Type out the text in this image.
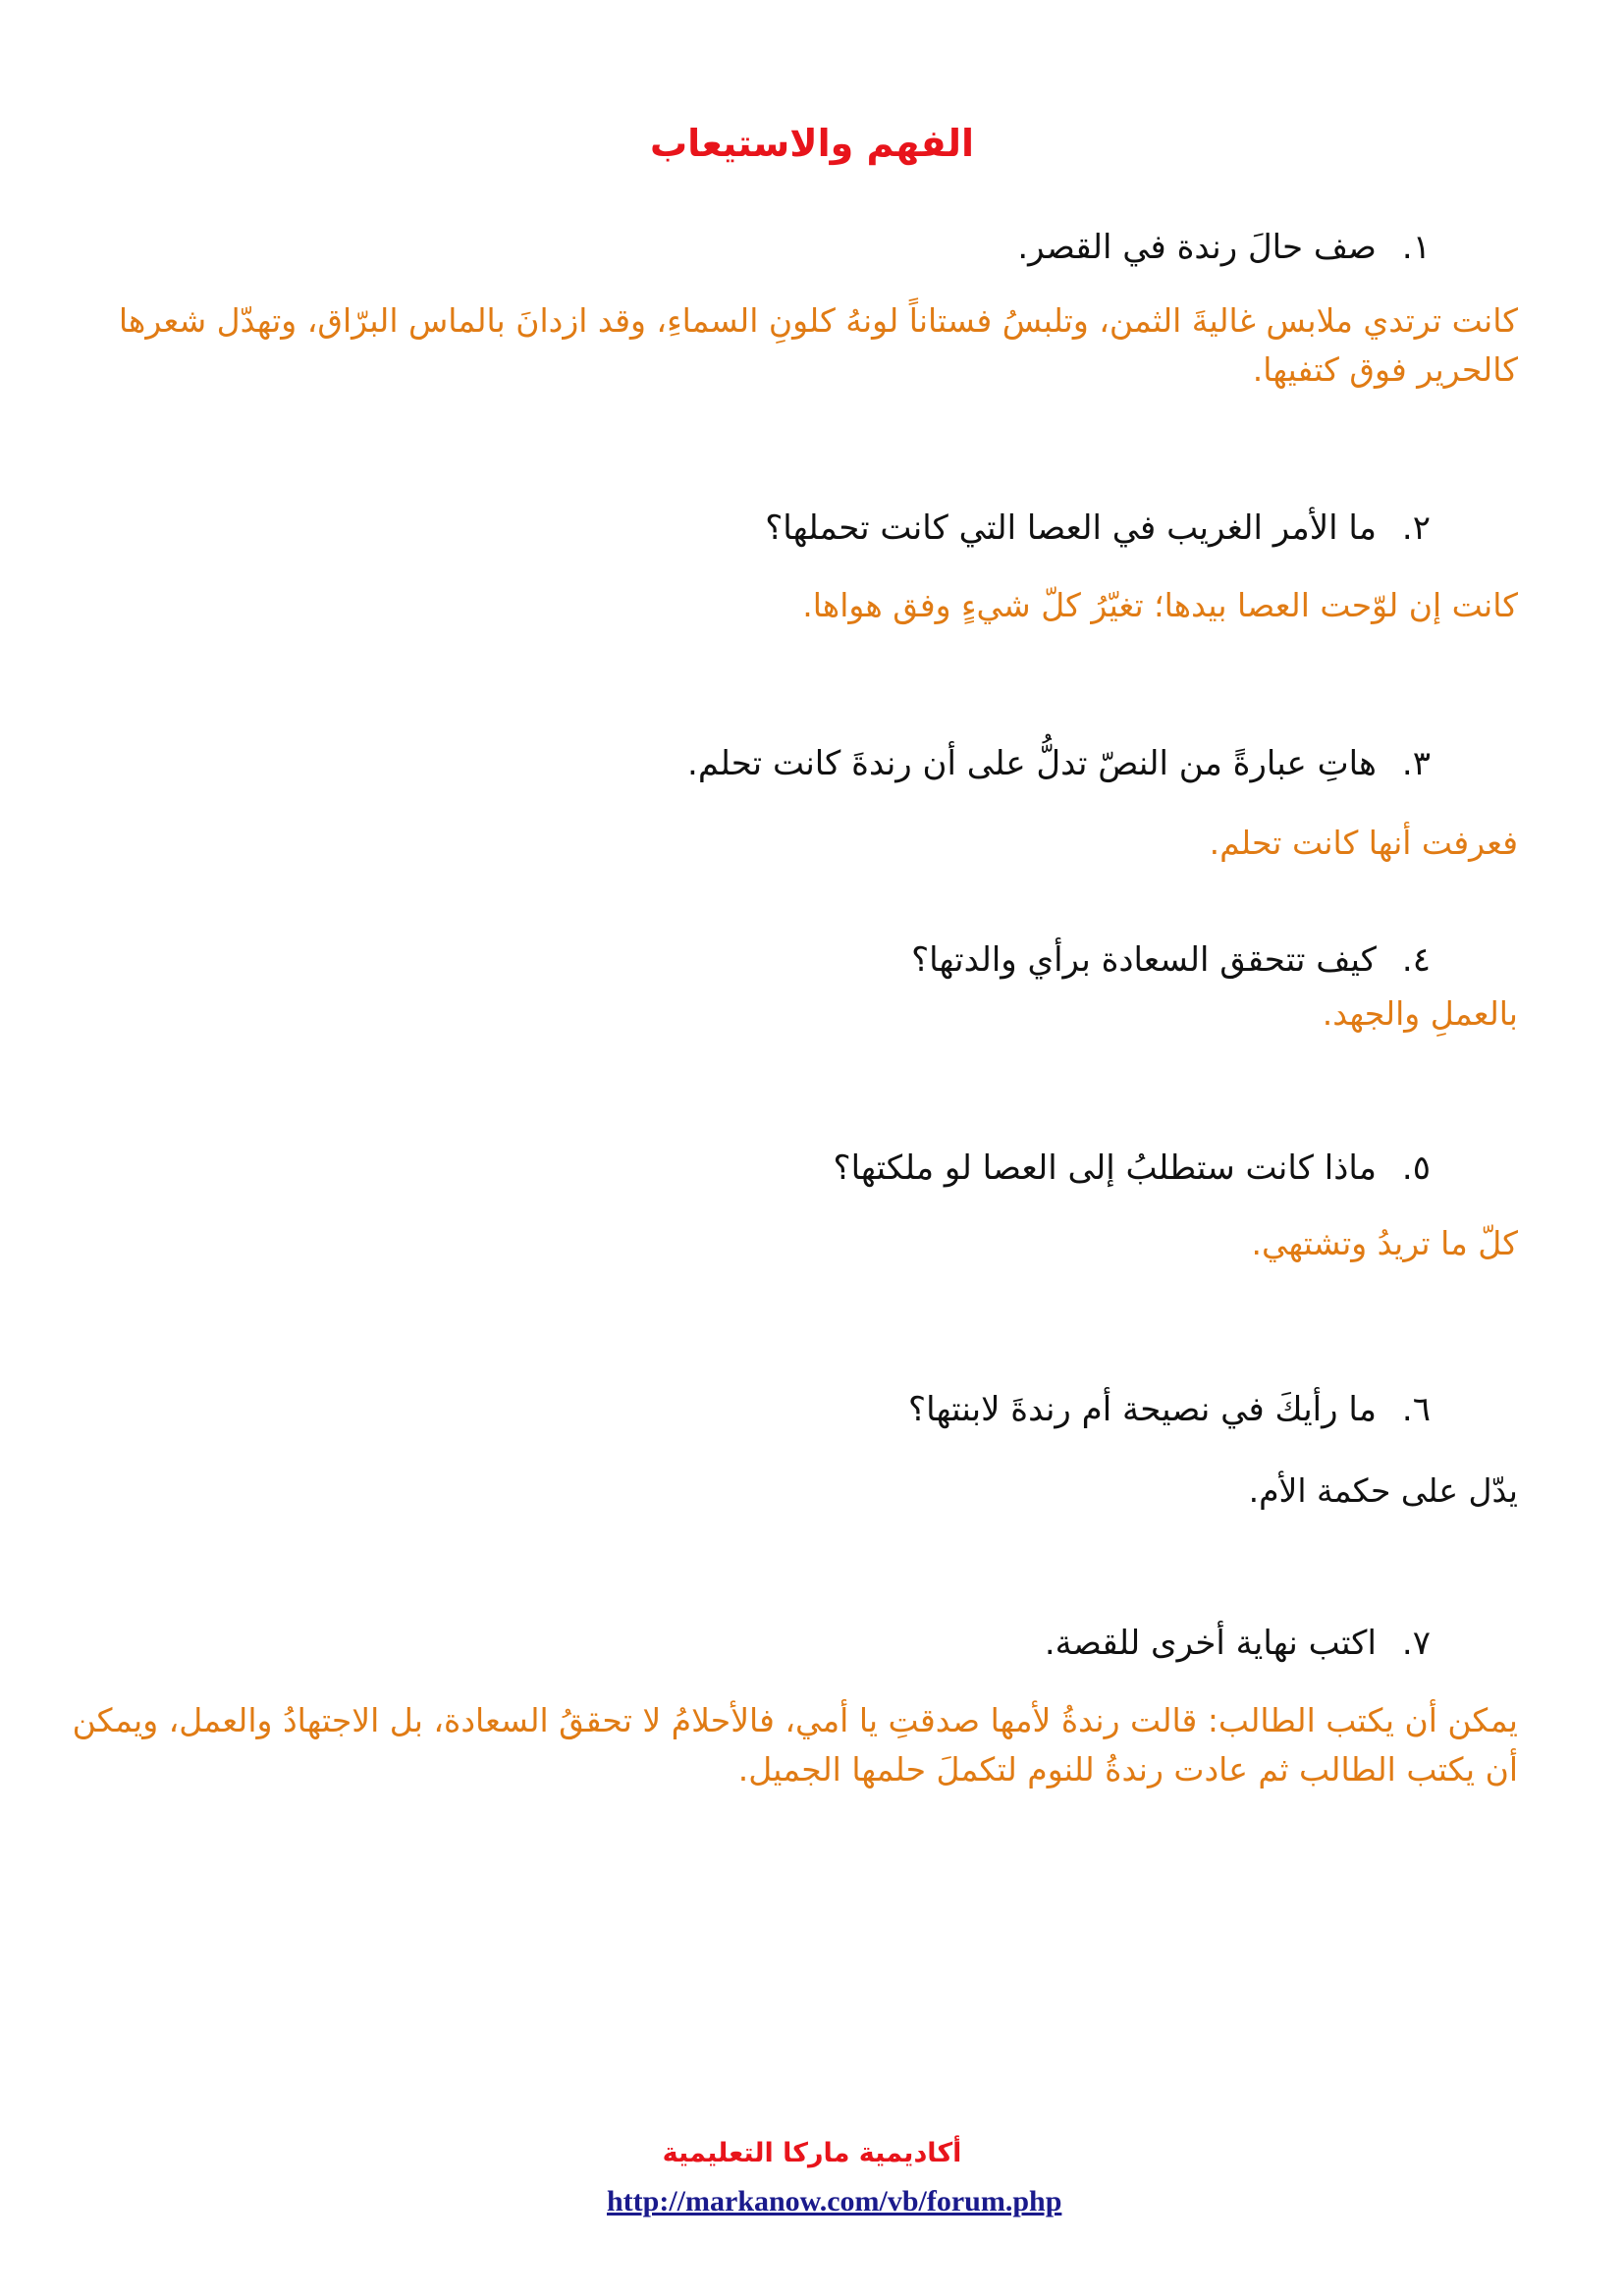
الفهم والاستيعاب

١.صف حالَ رندة في القصر.

كانت ترتدي ملابس غاليةَ الثمن، وتلبسُ فستاناً لونهُ كلونِ السماءِ، وقد ازدانَ بالماس البرّاق، وتهدّل شعرها كالحرير فوق كتفيها.

٢.ما الأمر الغريب في العصا التي كانت تحملها؟

كانت إن لوّحت العصا بيدها؛ تغيّرُ كلّ شيءٍ وفق هواها.

٣.هاتِ عبارةً من النصّ تدلُّ على أن رندةَ كانت تحلم.

فعرفت أنها كانت تحلم.

٤.كيف تتحقق السعادة برأي والدتها؟

بالعملِ والجهد.

٥.ماذا كانت ستطلبُ إلى العصا لو ملكتها؟

كلّ ما تريدُ وتشتهي.

٦.ما رأيكَ في نصيحة أم رندةَ لابنتها؟

يدّل على حكمة الأم.

٧.اكتب نهاية أخرى للقصة.

يمكن أن يكتب الطالب: قالت رندةُ لأمها صدقتِ يا أمي، فالأحلامُ لا تحققُ السعادة، بل الاجتهادُ والعمل، ويمكن أن يكتب الطالب ثم عادت رندةُ للنوم لتكملَ حلمها الجميل.

أكاديمية ماركا التعليمية

http://markanow.com/vb/forum.php
